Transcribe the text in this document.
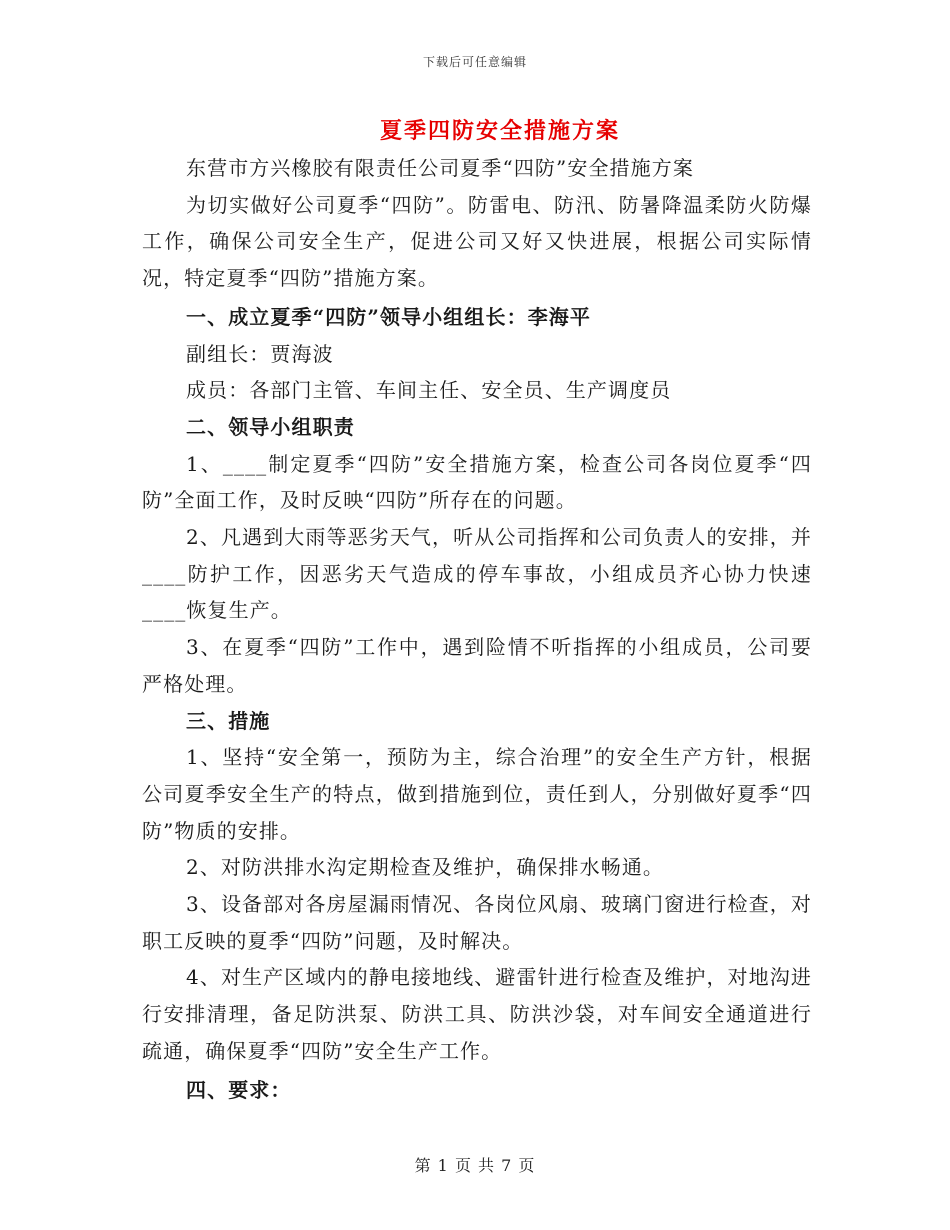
下载后可任意编辑
夏季四防安全措施方案

东营市方兴橡胶有限责任公司夏季“四防”安全措施方案

为切实做好公司夏季“四防”。防雷电、防汛、防暑降温柔防火防爆工作，确保公司安全生产，促进公司又好又快进展，根据公司实际情况，特定夏季“四防”措施方案。

一、成立夏季“四防”领导小组组长：李海平

副组长：贾海波

成员：各部门主管、车间主任、安全员、生产调度员

二、领导小组职责

1、____制定夏季“四防”安全措施方案，检查公司各岗位夏季“四防”全面工作，及时反映“四防”所存在的问题。

2、凡遇到大雨等恶劣天气，听从公司指挥和公司负责人的安排，并____防护工作，因恶劣天气造成的停车事故，小组成员齐心协力快速____恢复生产。

3、在夏季“四防”工作中，遇到险情不听指挥的小组成员，公司要严格处理。

三、措施

1、坚持“安全第一，预防为主，综合治理”的安全生产方针，根据公司夏季安全生产的特点，做到措施到位，责任到人，分别做好夏季“四防”物质的安排。

2、对防洪排水沟定期检查及维护，确保排水畅通。

3、设备部对各房屋漏雨情况、各岗位风扇、玻璃门窗进行检查，对职工反映的夏季“四防”问题，及时解决。

4、对生产区域内的静电接地线、避雷针进行检查及维护，对地沟进行安排清理，备足防洪泵、防洪工具、防洪沙袋，对车间安全通道进行疏通，确保夏季“四防”安全生产工作。

四、要求：

第 1 页 共 7 页
